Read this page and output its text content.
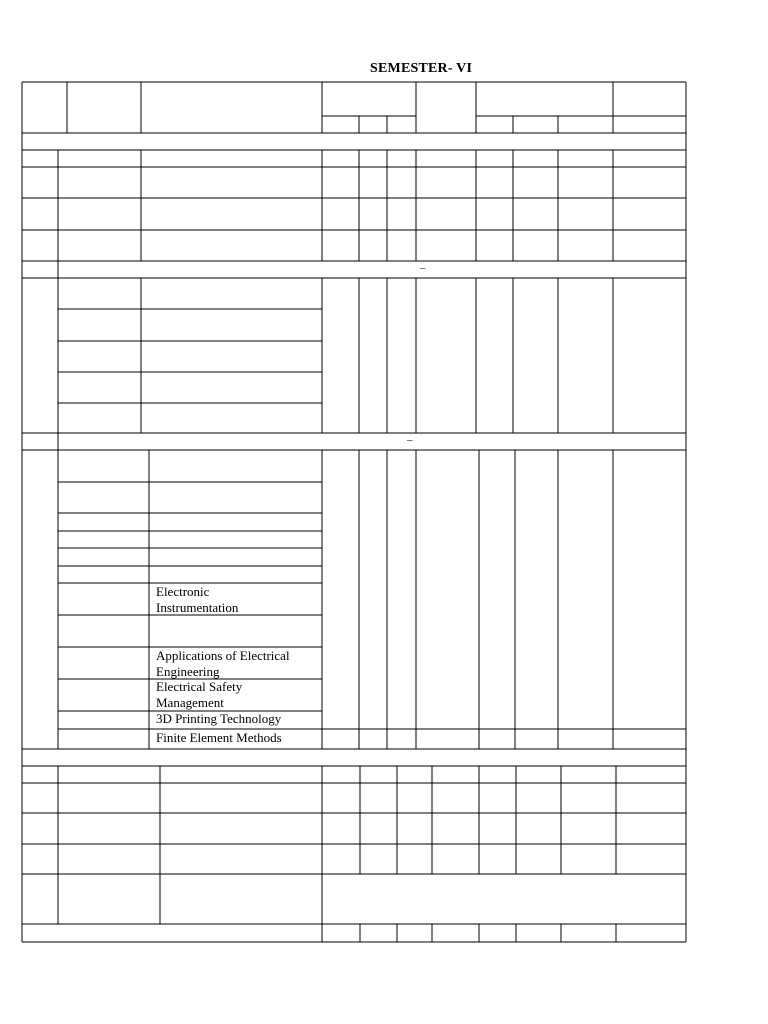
SEMESTER- VI
–
–
Electronic
Instrumentation
Applications of Electrical
Engineering
Electrical Safety
Management
3D Printing Technology
Finite Element Methods
